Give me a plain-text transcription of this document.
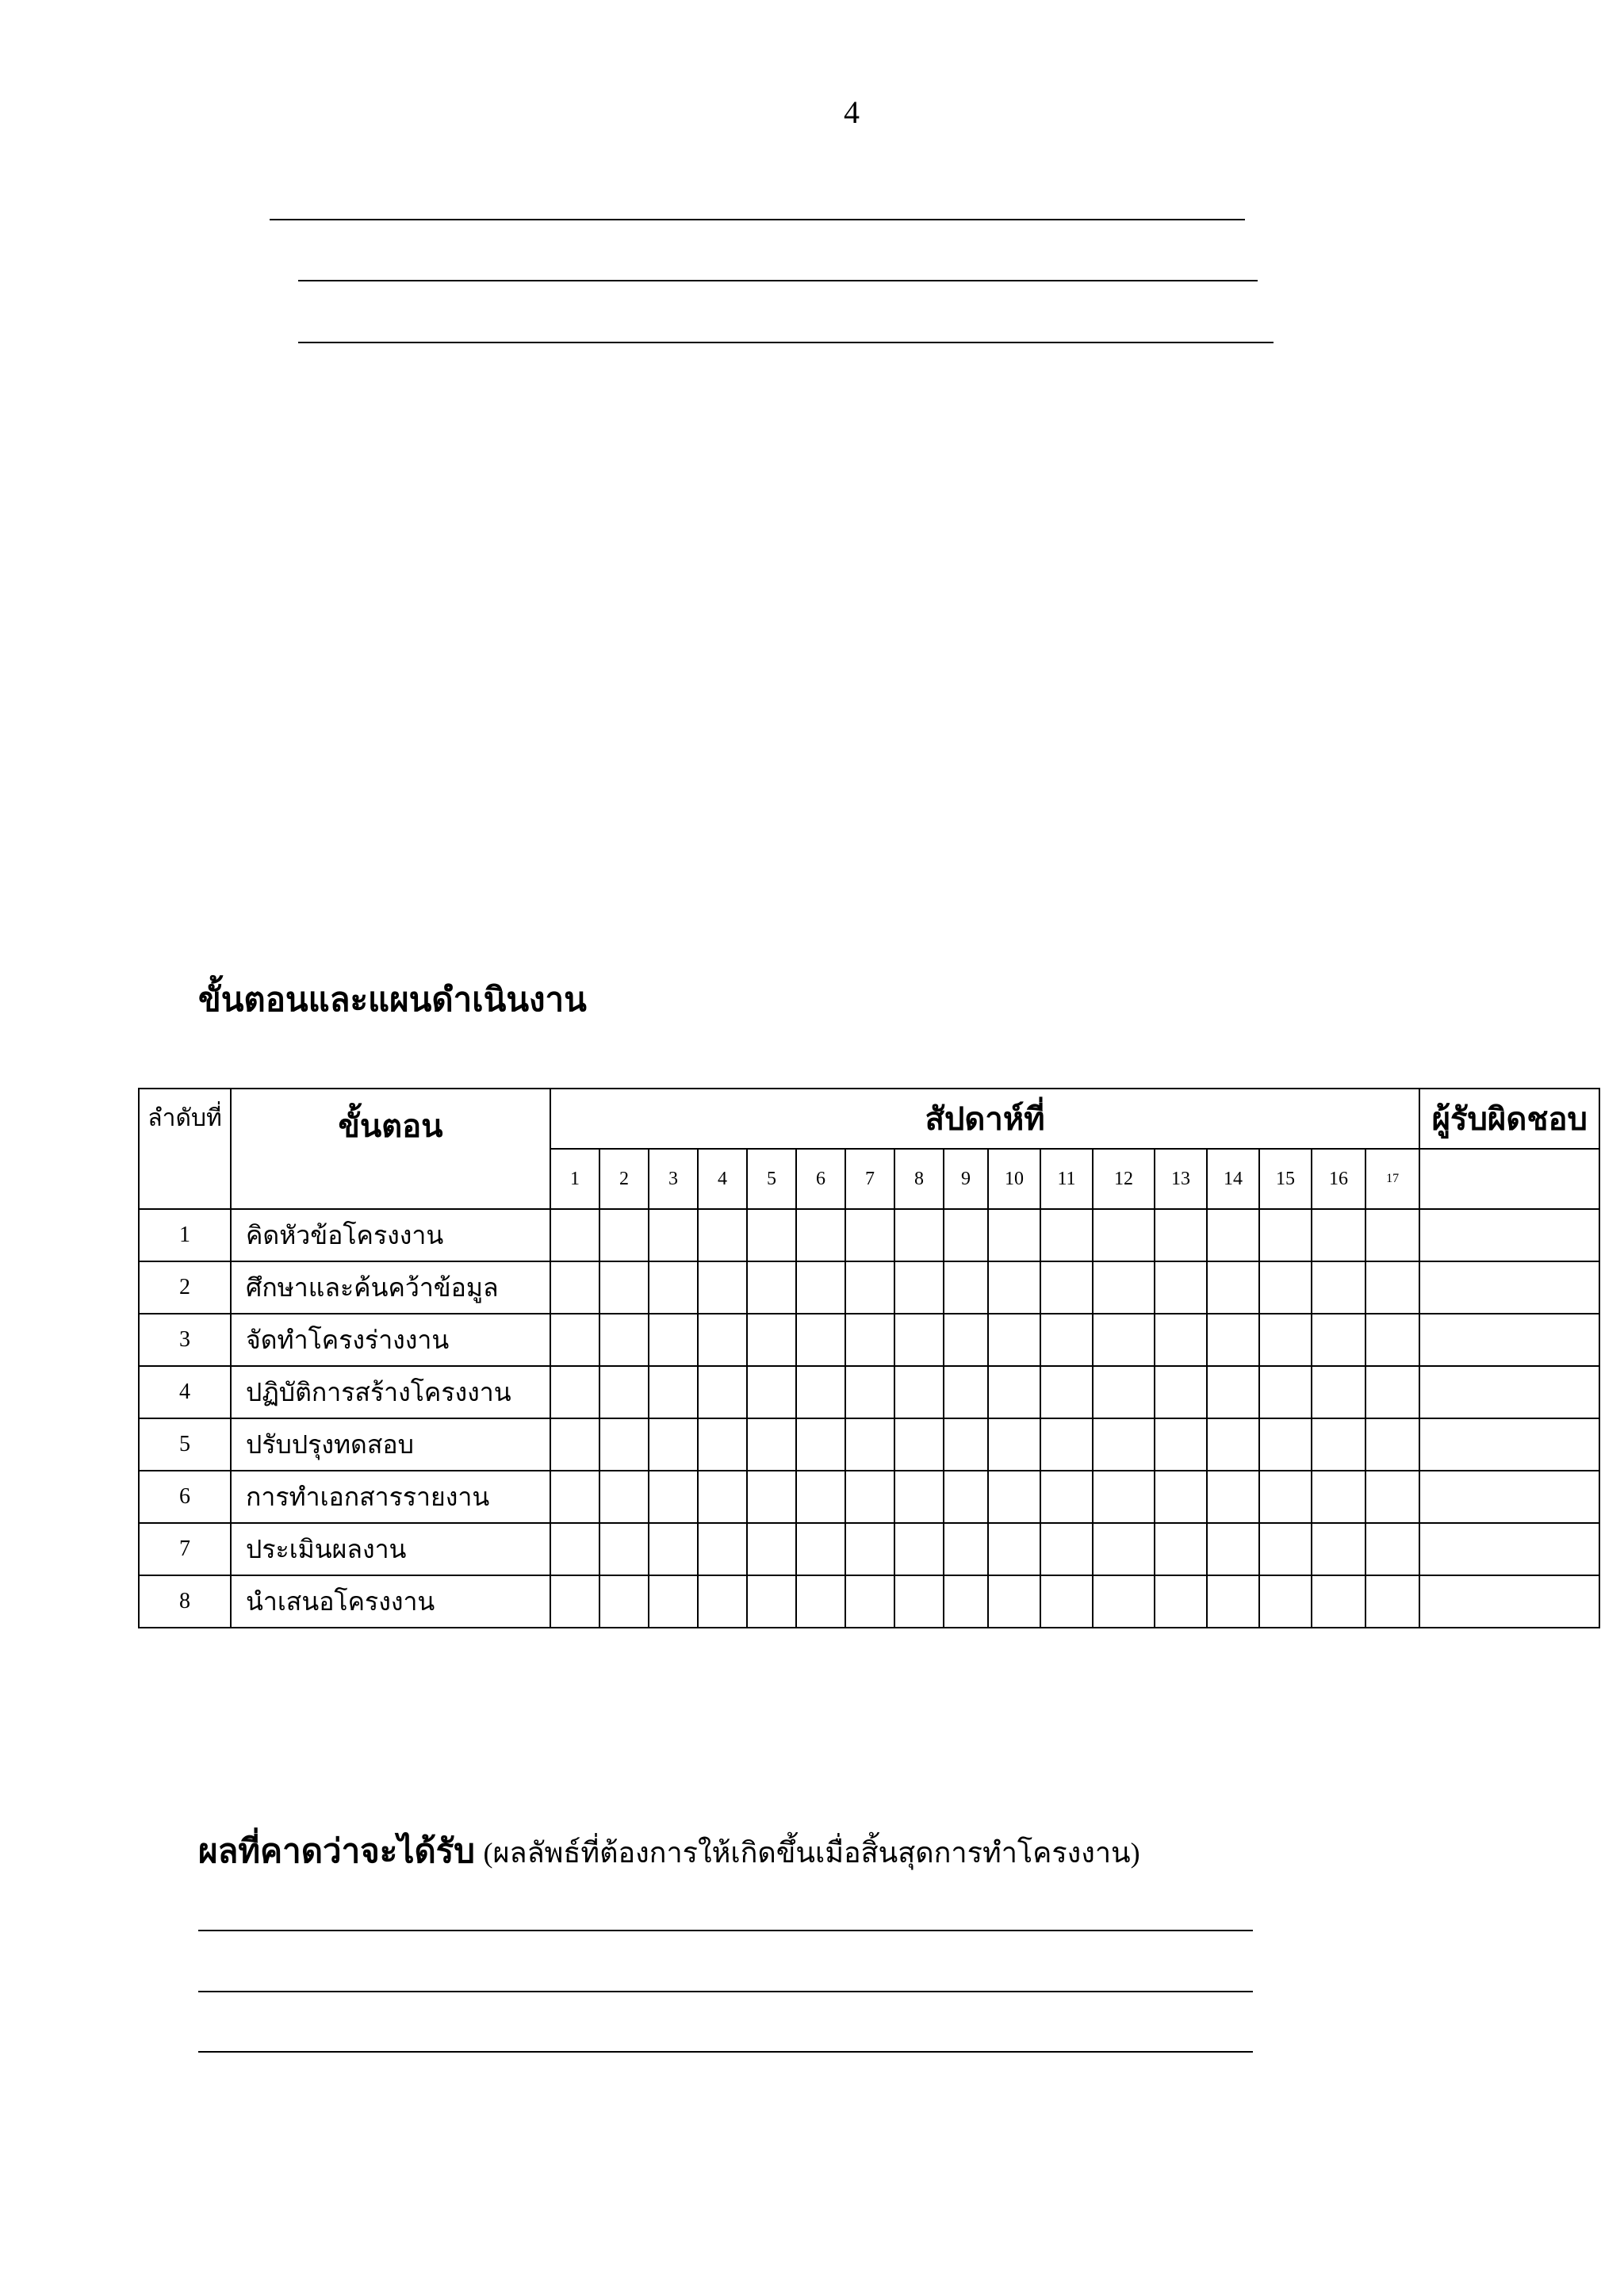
4
ขั้นตอนและแผนดำเนินงาน
ลำดับที่	ขั้นตอน	สัปดาห์ที่																	ผู้รับผิดชอบ
		1	2	3	4	5	6	7	8	9	10	11	12	13	14	15	16	17	
1	คิดหัวข้อโครงงาน																		
2	ศึกษาและค้นคว้าข้อมูล																		
3	จัดทำโครงร่างงาน																		
4	ปฏิบัติการสร้างโครงงาน																		
5	ปรับปรุงทดสอบ																		
6	การทำเอกสารรายงาน																		
7	ประเมินผลงาน																		
8	นำเสนอโครงงาน																		
ผลที่คาดว่าจะได้รับ (ผลลัพธ์ที่ต้องการให้เกิดขึ้นเมื่อสิ้นสุดการทำโครงงาน)
